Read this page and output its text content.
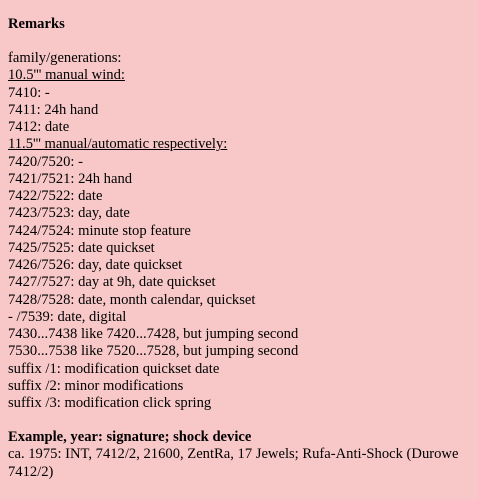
Remarks
family/generations:
10.5''' manual wind:
7410: -
7411: 24h hand
7412: date
11.5''' manual/automatic respectively:
7420/7520: -
7421/7521: 24h hand
7422/7522: date
7423/7523: day, date
7424/7524: minute stop feature
7425/7525: date quickset
7426/7526: day, date quickset
7427/7527: day at 9h, date quickset
7428/7528: date, month calendar, quickset
- /7539: date, digital
7430...7438 like 7420...7428, but jumping second
7530...7538 like 7520...7528, but jumping second
suffix /1: modification quickset date
suffix /2: minor modifications
suffix /3: modification click spring
Example, year: signature; shock device
ca. 1975: INT, 7412/2, 21600, ZentRa, 17 Jewels; Rufa-Anti-Shock (Durowe 7412/2)
